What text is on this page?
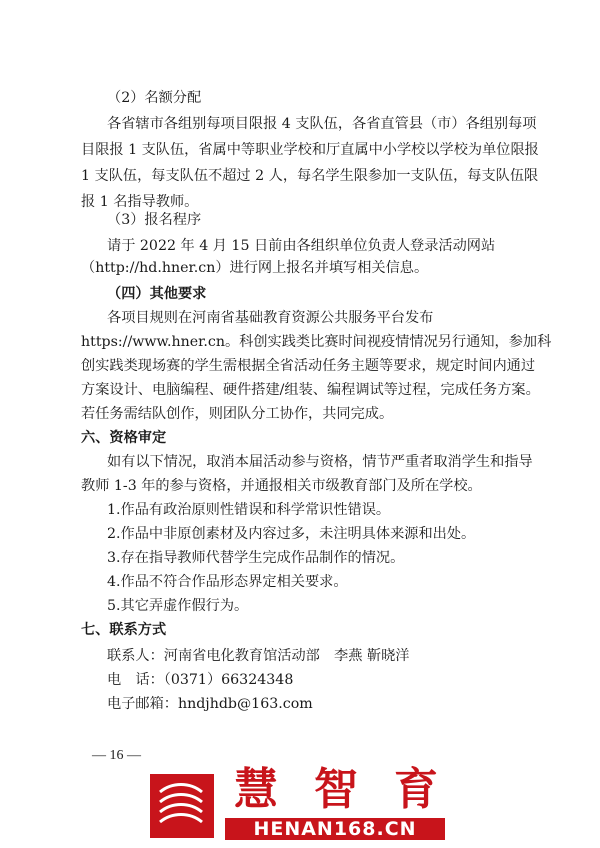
（2）名额分配
各省辖市各组别每项目限报 4 支队伍，各省直管县（市）各组别每项
目限报 1 支队伍，省属中等职业学校和厅直属中小学校以学校为单位限报
1 支队伍，每支队伍不超过 2 人，每名学生限参加一支队伍，每支队伍限
报 1 名指导教师。
（3）报名程序
请于 2022 年 4 月 15 日前由各组织单位负责人登录活动网站
（http://hd.hner.cn）进行网上报名并填写相关信息。
（四）其他要求
各项目规则在河南省基础教育资源公共服务平台发布
https://www.hner.cn。科创实践类比赛时间视疫情情况另行通知，参加科
创实践类现场赛的学生需根据全省活动任务主题等要求，规定时间内通过
方案设计、电脑编程、硬件搭建/组装、编程调试等过程，完成任务方案。
若任务需结队创作，则团队分工协作，共同完成。
六、资格审定
如有以下情况，取消本届活动参与资格，情节严重者取消学生和指导
教师 1-3 年的参与资格，并通报相关市级教育部门及所在学校。
1.作品有政治原则性错误和科学常识性错误。
2.作品中非原创素材及内容过多，未注明具体来源和出处。
3.存在指导教师代替学生完成作品制作的情况。
4.作品不符合作品形态界定相关要求。
5.其它弄虚作假行为。
七、联系方式
联系人：河南省电化教育馆活动部　李燕 靳晓洋
电　话：（0371）66324348
电子邮箱：hndjhdb@163.com
— 16 —
慧 智 育
HENAN168.CN
